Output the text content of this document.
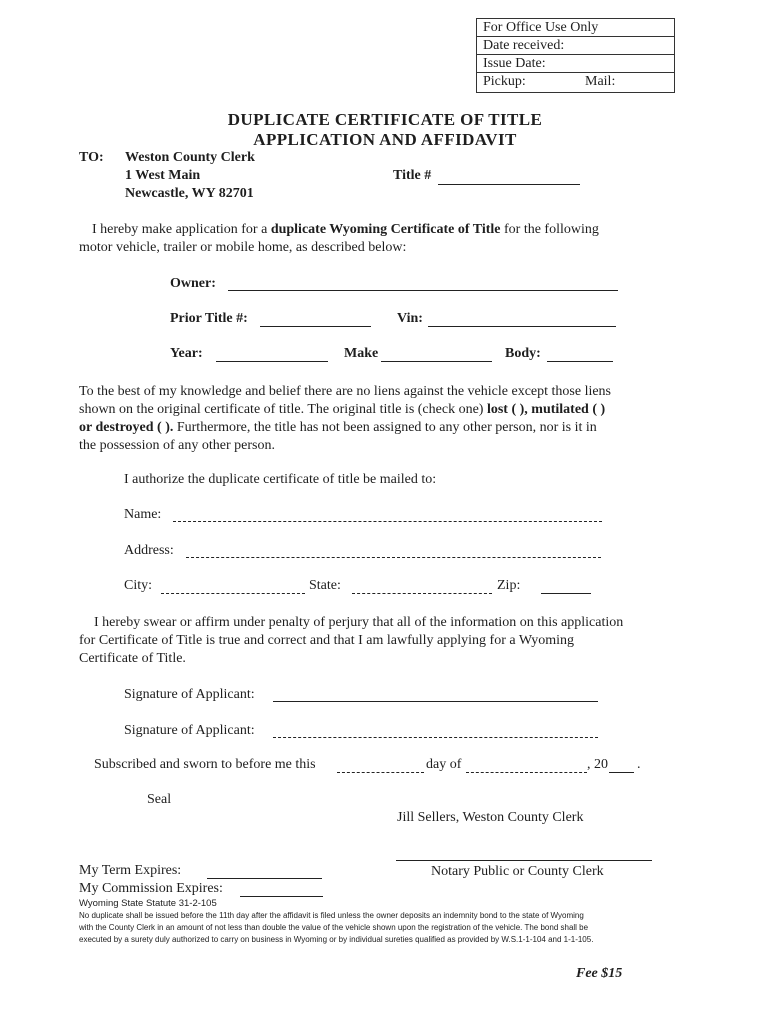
For Office Use Only
Date received:
Issue Date:
Pickup:	Mail:
DUPLICATE CERTIFICATE OF TITLE
APPLICATION AND AFFIDAVIT
TO: Weston County Clerk
1 West Main
Newcastle, WY 82701
Title #
I hereby make application for a duplicate Wyoming Certificate of Title for the following
motor vehicle, trailer or mobile home, as described below:
Owner:
Prior Title #:	Vin:
Year:	Make	Body:
To the best of my knowledge and belief there are no liens against the vehicle except those liens
shown on the original certificate of title. The original title is (check one) lost ( ), mutilated ( )
or destroyed ( ). Furthermore, the title has not been assigned to any other person, nor is it in
the possession of any other person.
I authorize the duplicate certificate of title be mailed to:
Name:
Address:
City:	State:	Zip:
I hereby swear or affirm under penalty of perjury that all of the information on this application
for Certificate of Title is true and correct and that I am lawfully applying for a Wyoming
Certificate of Title.
Signature of Applicant:
Signature of Applicant:
Subscribed and sworn to before me this	day of	, 20 .
Seal
Jill Sellers, Weston County Clerk
Notary Public or County Clerk
My Term Expires:
My Commission Expires:
Wyoming State Statute 31-2-105
No duplicate shall be issued before the 11th day after the affidavit is filed unless the owner deposits an indemnity bond to the state of Wyoming
with the County Clerk in an amount of not less than double the value of the vehicle shown upon the registration of the vehicle. The bond shall be
executed by a surety duly authorized to carry on business in Wyoming or by individual sureties qualified as provided by W.S.1-1-104 and 1-1-105.
Fee $15
